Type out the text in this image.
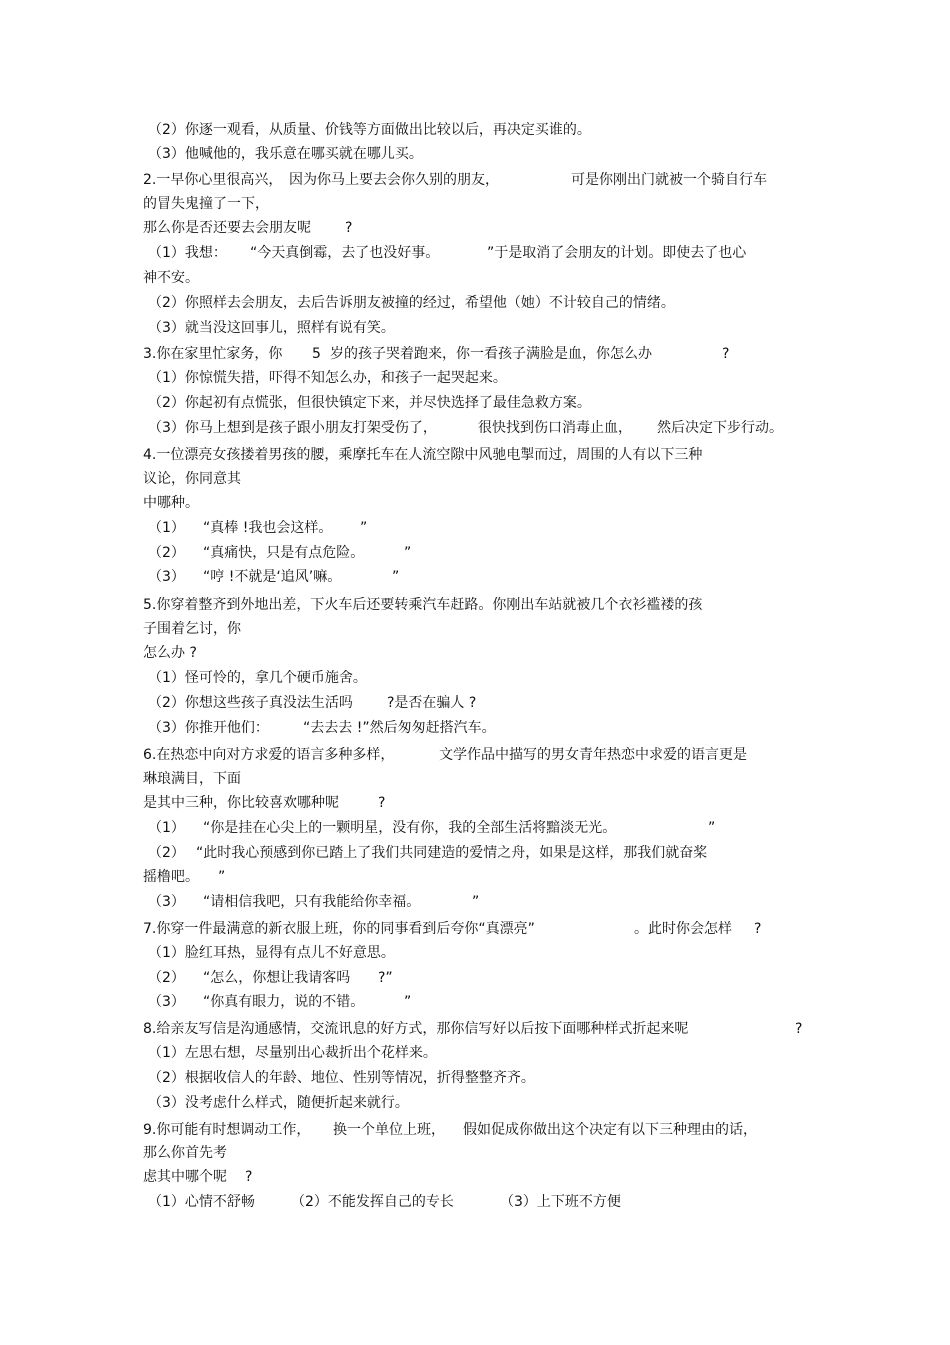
（2）你逐一观看，从质量、价钱等方面做出比较以后，再决定买谁的。
（3）他喊他的，我乐意在哪买就在哪儿买。
2.一早你心里很高兴， 因为你马上要去会你久别的朋友，	可是你刚出门就被一个骑自行车
的冒失鬼撞了一下，
那么你是否还要去会朋友呢 ?
（1）我想： “今天真倒霉，去了也没好事。	”于是取消了会朋友的计划。即使去了也心
神不安。
（2）你照样去会朋友，去后告诉朋友被撞的经过，希望他（她）不计较自己的情绪。
（3）就当没这回事儿，照样有说有笑。
3.你在家里忙家务，你 5 岁的孩子哭着跑来，你一看孩子满脸是血，你怎么办	?
（1）你惊慌失措，吓得不知怎么办，和孩子一起哭起来。
（2）你起初有点慌张，但很快镇定下来，并尽快选择了最佳急救方案。
（3）你马上想到是孩子跟小朋友打架受伤了，	很快找到伤口消毒止血， 然后决定下步行动。
4.一位漂亮女孩搂着男孩的腰，乘摩托车在人流空隙中风驰电掣而过，周围的人有以下三种
议论，你同意其
中哪种。
（1） “真棒 !我也会这样。 ”
（2） “真痛快，只是有点危险。	”
（3） “哼 !不就是‘追风’嘛。	”
5.你穿着整齐到外地出差，下火车后还要转乘汽车赶路。你刚出车站就被几个衣衫褴褛的孩
子围着乞讨，你
怎么办 ?
（1）怪可怜的，拿几个硬币施舍。
（2）你想这些孩子真没法生活吗 ?是否在骗人 ?
（3）你推开他们： “去去去 !”然后匆匆赶搭汽车。
6.在热恋中向对方求爱的语言多种多样，	文学作品中描写的男女青年热恋中求爱的语言更是
琳琅满目，下面
是其中三种，你比较喜欢哪种呢	?
（1） “你是挂在心尖上的一颗明星，没有你，我的全部生活将黯淡无光。	”
（2） “此时我心预感到你已踏上了我们共同建造的爱情之舟，如果是这样，那我们就奋桨
摇橹吧。 ”
（3） “请相信我吧，只有我能给你幸福。	”
7.你穿一件最满意的新衣服上班，你的同事看到后夸你“真漂亮”	。此时你会怎样 ?
（1）脸红耳热，显得有点儿不好意思。
（2） “怎么，你想让我请客吗 ?”
（3） “你真有眼力，说的不错。	”
8.给亲友写信是沟通感情，交流讯息的好方式，那你信写好以后按下面哪种样式折起来呢	?
（1）左思右想，尽量别出心裁折出个花样来。
（2）根据收信人的年龄、地位、性别等情况，折得整整齐齐。
（3）没考虑什么样式，随便折起来就行。
9.你可能有时想调动工作， 换一个单位上班， 假如促成你做出这个决定有以下三种理由的话，
那么你首先考
虑其中哪个呢 ?
（1）心情不舒畅	（2）不能发挥自己的专长	（3）上下班不方便
